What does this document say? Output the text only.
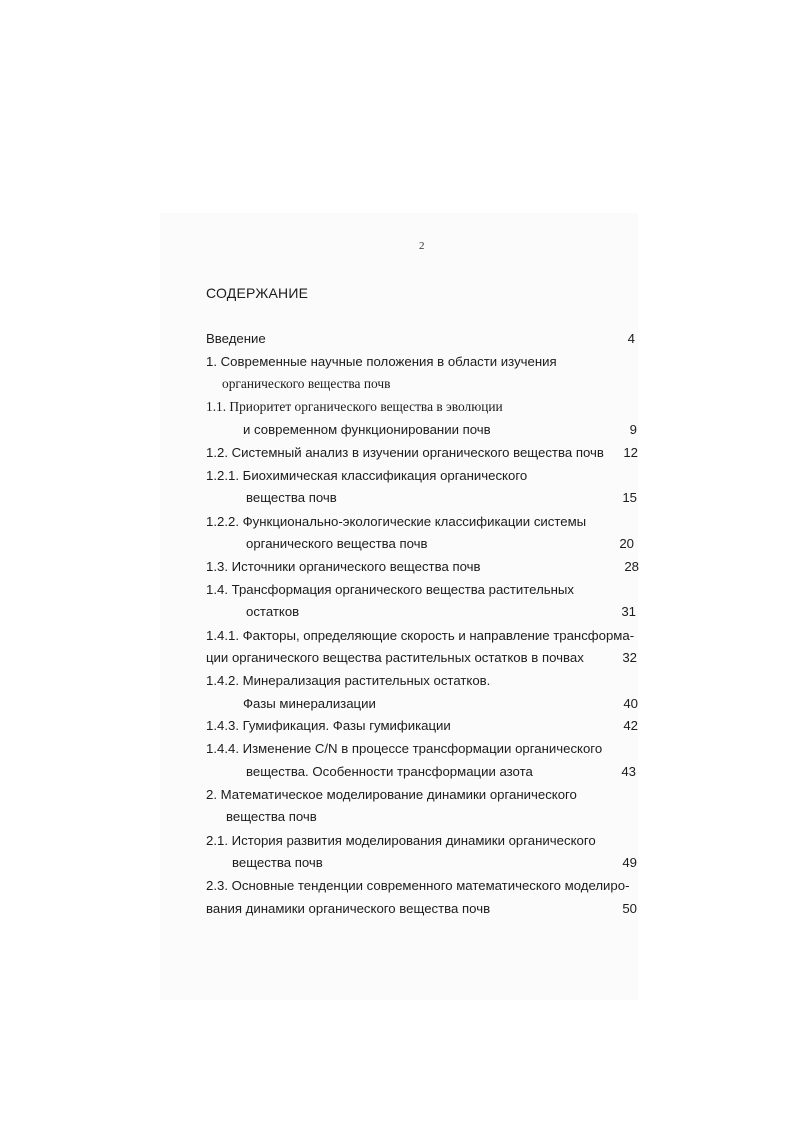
2
СОДЕРЖАНИЕ
Введение	4
1. Современные научные положения в области изучения
органического вещества почв
1.1. Приоритет органического вещества в эволюции
и современном функционировании почв	9
1.2. Системный анализ в изучении органического вещества почв	12
1.2.1. Биохимическая классификация органического
вещества почв	15
1.2.2. Функционально-экологические классификации системы
органического вещества почв	20
1.3. Источники органического вещества почв	28
1.4. Трансформация органического вещества растительных
остатков	31
1.4.1. Факторы, определяющие скорость и направление трансформа-
ции органического вещества растительных остатков в почвах	32
1.4.2. Минерализация растительных остатков.
Фазы минерализации	40
1.4.3. Гумификация. Фазы гумификации	42
1.4.4. Изменение C/N в процессе трансформации органического
вещества. Особенности трансформации азота	43
2. Математическое моделирование динамики органического
вещества почв
2.1. История развития моделирования динамики органического
вещества почв	49
2.3. Основные тенденции современного математического моделиро-
вания динамики органического вещества почв	50
